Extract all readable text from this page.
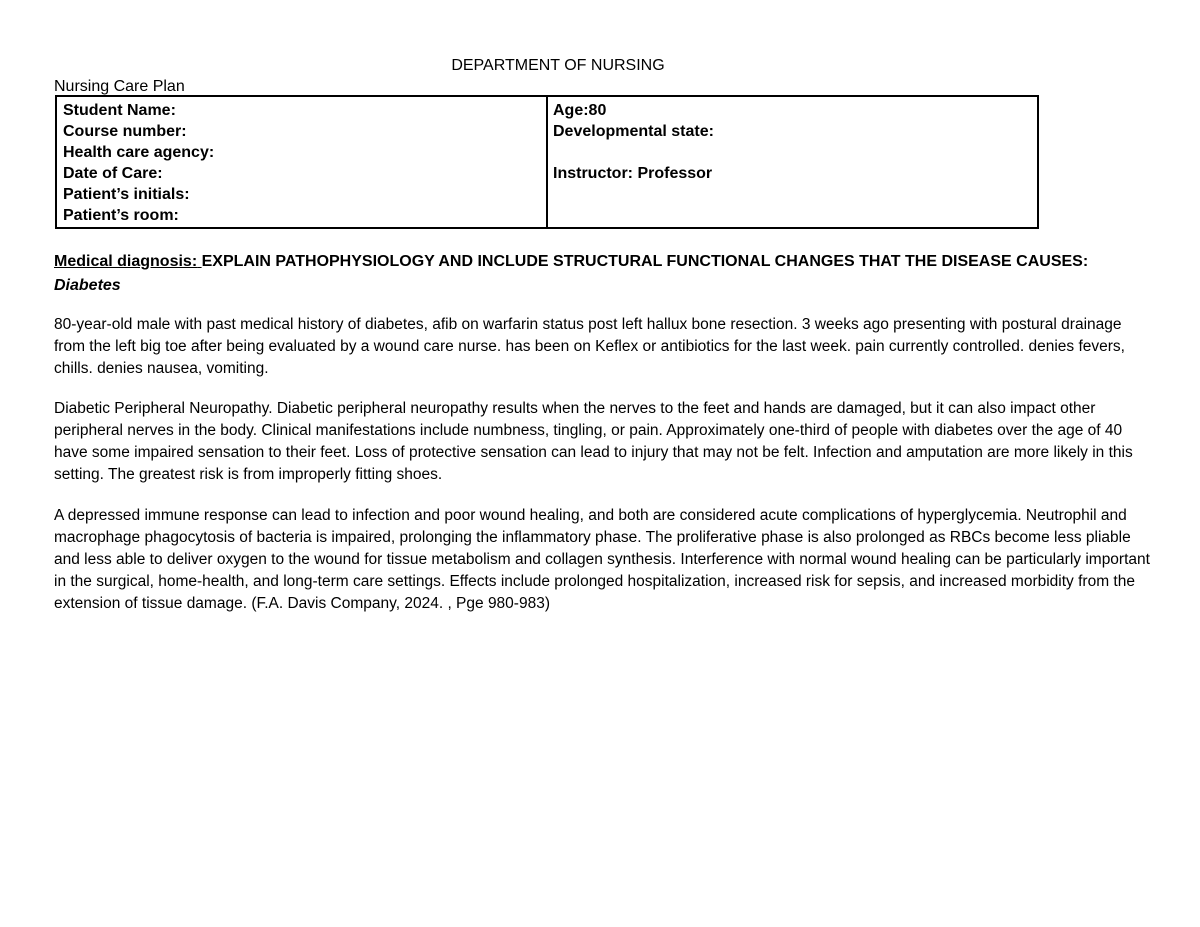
DEPARTMENT OF NURSING
Nursing Care Plan
Student Name:
Course number:
Health care agency:
Date of Care:
Patient’s initials:
Patient’s room:
Age:80
Developmental state:
Instructor: Professor
Medical diagnosis: EXPLAIN PATHOPHYSIOLOGY AND INCLUDE STRUCTURAL FUNCTIONAL CHANGES THAT THE DISEASE CAUSES: Diabetes

80-year-old male with past medical history of diabetes, afib on warfarin status post left hallux bone resection. 3 weeks ago presenting with postural drainage from the left big toe after being evaluated by a wound care nurse. has been on Keflex or antibiotics for the last week. pain currently controlled. denies fevers, chills. denies nausea, vomiting.

Diabetic Peripheral Neuropathy. Diabetic peripheral neuropathy results when the nerves to the feet and hands are damaged, but it can also impact other peripheral nerves in the body. Clinical manifestations include numbness, tingling, or pain. Approximately one-third of people with diabetes over the age of 40 have some impaired sensation to their feet. Loss of protective sensation can lead to injury that may not be felt. Infection and amputation are more likely in this setting. The greatest risk is from improperly fitting shoes.

A depressed immune response can lead to infection and poor wound healing, and both are considered acute complications of hyperglycemia. Neutrophil and macrophage phagocytosis of bacteria is impaired, prolonging the inflammatory phase. The proliferative phase is also prolonged as RBCs become less pliable and less able to deliver oxygen to the wound for tissue metabolism and collagen synthesis. Interference with normal wound healing can be particularly important in the surgical, home-health, and long-term care settings. Effects include prolonged hospitalization, increased risk for sepsis, and increased morbidity from the extension of tissue damage. (F.A. Davis Company, 2024. , Pge 980-983)
